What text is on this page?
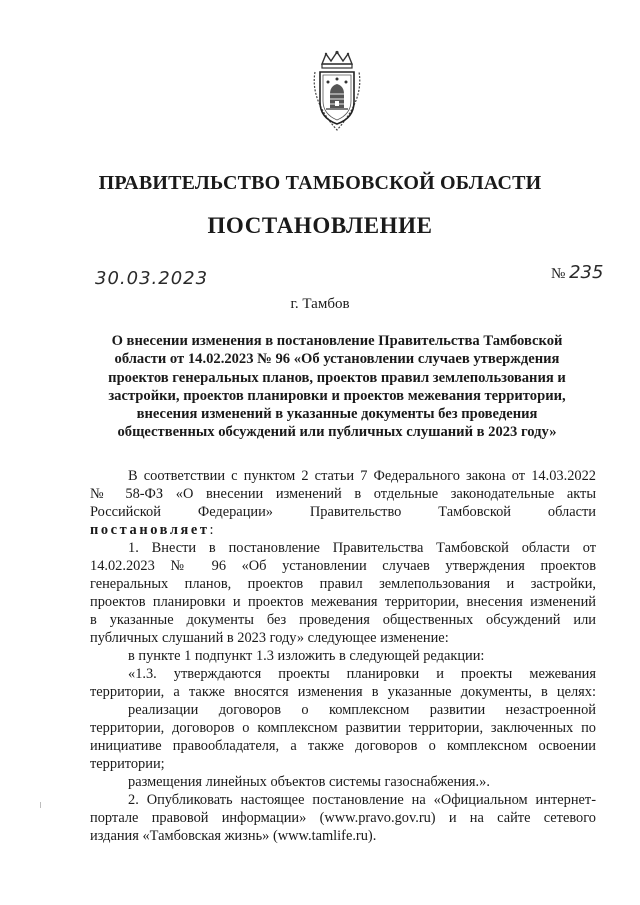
ПРАВИТЕЛЬСТВО ТАМБОВСКОЙ ОБЛАСТИ
ПОСТАНОВЛЕНИЕ
30.03.2023	№ 235
г. Тамбов
О внесении изменения в постановление Правительства Тамбовской
области от 14.02.2023 № 96 «Об установлении случаев утверждения
проектов генеральных планов, проектов правил землепользования и
застройки, проектов планировки и проектов межевания территории,
внесения изменений в указанные документы без проведения
общественных обсуждений или публичных слушаний в 2023 году»
В соответствии с пунктом 2 статьи 7 Федерального закона от 14.03.2022
№ 58-ФЗ «О внесении изменений в отдельные законодательные акты
Российской Федерации» Правительство Тамбовской области
постановляет:
1. Внести в постановление Правительства Тамбовской области от
14.02.2023 № 96 «Об установлении случаев утверждения проектов
генеральных планов, проектов правил землепользования и застройки,
проектов планировки и проектов межевания территории, внесения изменений
в указанные документы без проведения общественных обсуждений или
публичных слушаний в 2023 году» следующее изменение:
в пункте 1 подпункт 1.3 изложить в следующей редакции:
«1.3. утверждаются проекты планировки и проекты межевания
территории, а также вносятся изменения в указанные документы, в целях:
реализации договоров о комплексном развитии незастроенной
территории, договоров о комплексном развитии территории, заключенных по
инициативе правообладателя, а также договоров о комплексном освоении
территории;
размещения линейных объектов системы газоснабжения.».
2. Опубликовать настоящее постановление на «Официальном интернет-
портале правовой информации» (www.pravo.gov.ru) и на сайте сетевого
издания «Тамбовская жизнь» (www.tamlife.ru).
